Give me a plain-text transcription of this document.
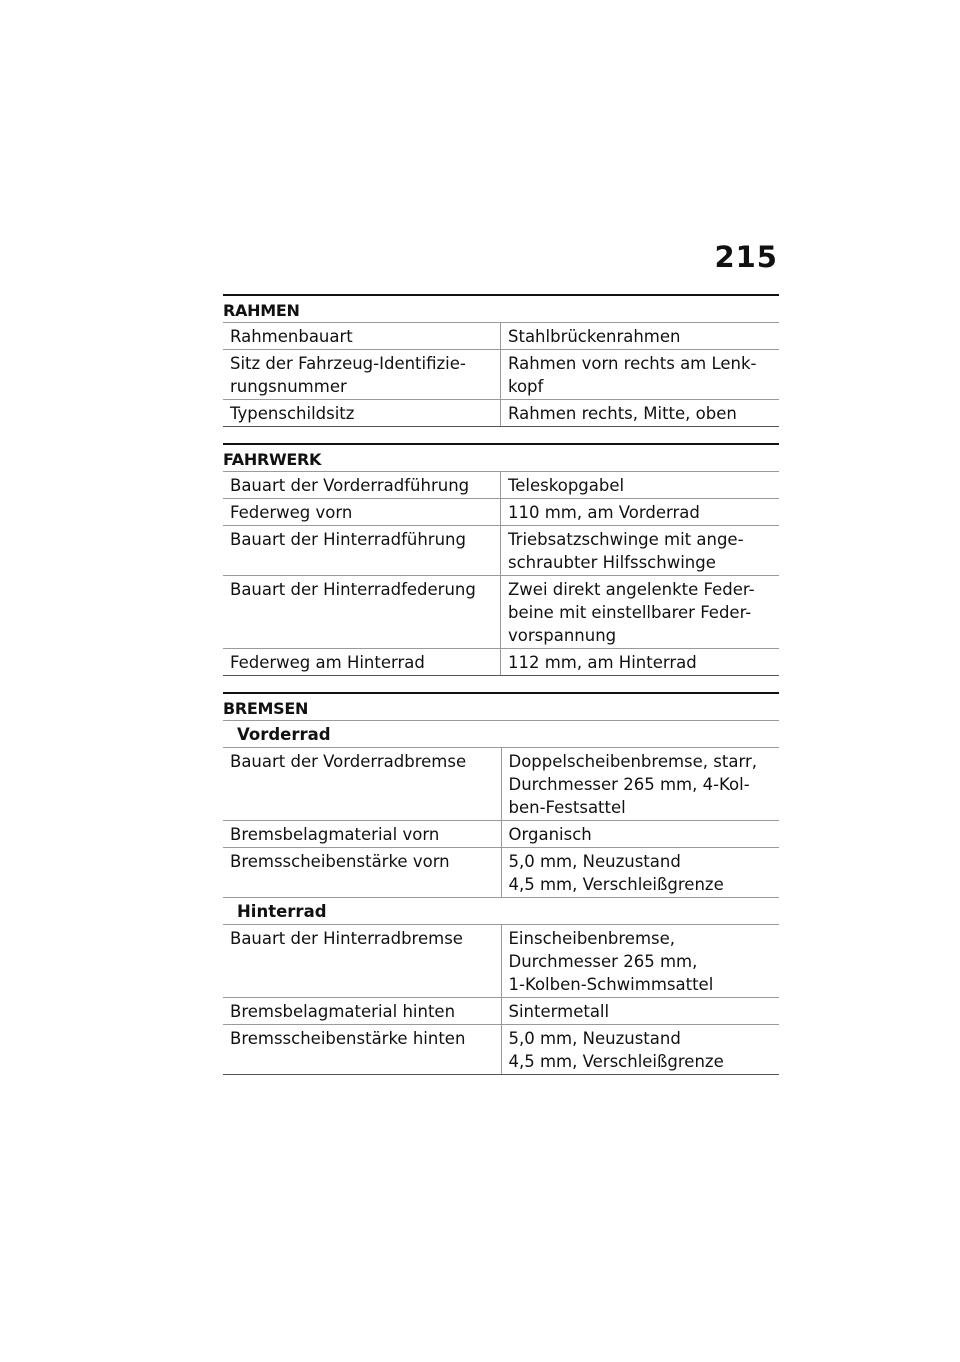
215
RAHMEN
Rahmenbauart	Stahlbrückenrahmen
Sitz der Fahrzeug-Identifizie-
rungsnummer	Rahmen vorn rechts am Lenk-
kopf
Typenschildsitz	Rahmen rechts, Mitte, oben
FAHRWERK
Bauart der Vorderradführung	Teleskopgabel
Federweg vorn	110 mm, am Vorderrad
Bauart der Hinterradführung	Triebsatzschwinge mit ange-
schraubter Hilfsschwinge
Bauart der Hinterradfederung	Zwei direkt angelenkte Feder-
beine mit einstellbarer Feder-
vorspannung
Federweg am Hinterrad	112 mm, am Hinterrad
BREMSEN
Vorderrad	
Bauart der Vorderradbremse	Doppelscheibenbremse, starr,
Durchmesser 265 mm, 4-Kol-
ben-Festsattel
Bremsbelagmaterial vorn	Organisch
Bremsscheibenstärke vorn	5,0 mm, Neuzustand
4,5 mm, Verschleißgrenze
Hinterrad	
Bauart der Hinterradbremse	Einscheibenbremse,
Durchmesser 265 mm,
1-Kolben-Schwimmsattel
Bremsbelagmaterial hinten	Sintermetall
Bremsscheibenstärke hinten	5,0 mm, Neuzustand
4,5 mm, Verschleißgrenze
